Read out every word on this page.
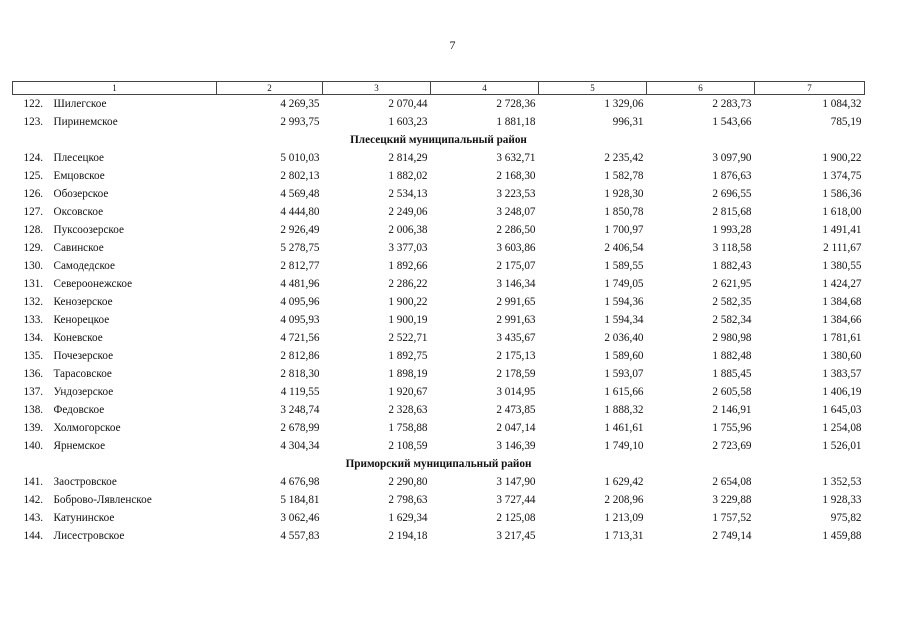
7
1	2	3	4	5	6	7
122. Шилегское	4 269,35	2 070,44	2 728,36	1 329,06	2 283,73	1 084,32
123. Пиринемское	2 993,75	1 603,23	1 881,18	996,31	1 543,66	785,19
Плесецкий муниципальный район						
124. Плесецкое	5 010,03	2 814,29	3 632,71	2 235,42	3 097,90	1 900,22
125. Емцовское	2 802,13	1 882,02	2 168,30	1 582,78	1 876,63	1 374,75
126. Обозерское	4 569,48	2 534,13	3 223,53	1 928,30	2 696,55	1 586,36
127. Оксовское	4 444,80	2 249,06	3 248,07	1 850,78	2 815,68	1 618,00
128. Пуксоозерское	2 926,49	2 006,38	2 286,50	1 700,97	1 993,28	1 491,41
129. Савинское	5 278,75	3 377,03	3 603,86	2 406,54	3 118,58	2 111,67
130. Самодедское	2 812,77	1 892,66	2 175,07	1 589,55	1 882,43	1 380,55
131. Североонежское	4 481,96	2 286,22	3 146,34	1 749,05	2 621,95	1 424,27
132. Кенозерское	4 095,96	1 900,22	2 991,65	1 594,36	2 582,35	1 384,68
133. Кенорецкое	4 095,93	1 900,19	2 991,63	1 594,34	2 582,34	1 384,66
134. Коневское	4 721,56	2 522,71	3 435,67	2 036,40	2 980,98	1 781,61
135. Почезерское	2 812,86	1 892,75	2 175,13	1 589,60	1 882,48	1 380,60
136. Тарасовское	2 818,30	1 898,19	2 178,59	1 593,07	1 885,45	1 383,57
137. Ундозерское	4 119,55	1 920,67	3 014,95	1 615,66	2 605,58	1 406,19
138. Федовское	3 248,74	2 328,63	2 473,85	1 888,32	2 146,91	1 645,03
139. Холмогорское	2 678,99	1 758,88	2 047,14	1 461,61	1 755,96	1 254,08
140. Ярнемское	4 304,34	2 108,59	3 146,39	1 749,10	2 723,69	1 526,01
Приморский муниципальный район						
141. Заостровское	4 676,98	2 290,80	3 147,90	1 629,42	2 654,08	1 352,53
142. Боброво-Лявленское	5 184,81	2 798,63	3 727,44	2 208,96	3 229,88	1 928,33
143. Катунинское	3 062,46	1 629,34	2 125,08	1 213,09	1 757,52	975,82
144. Лисестровское	4 557,83	2 194,18	3 217,45	1 713,31	2 749,14	1 459,88
